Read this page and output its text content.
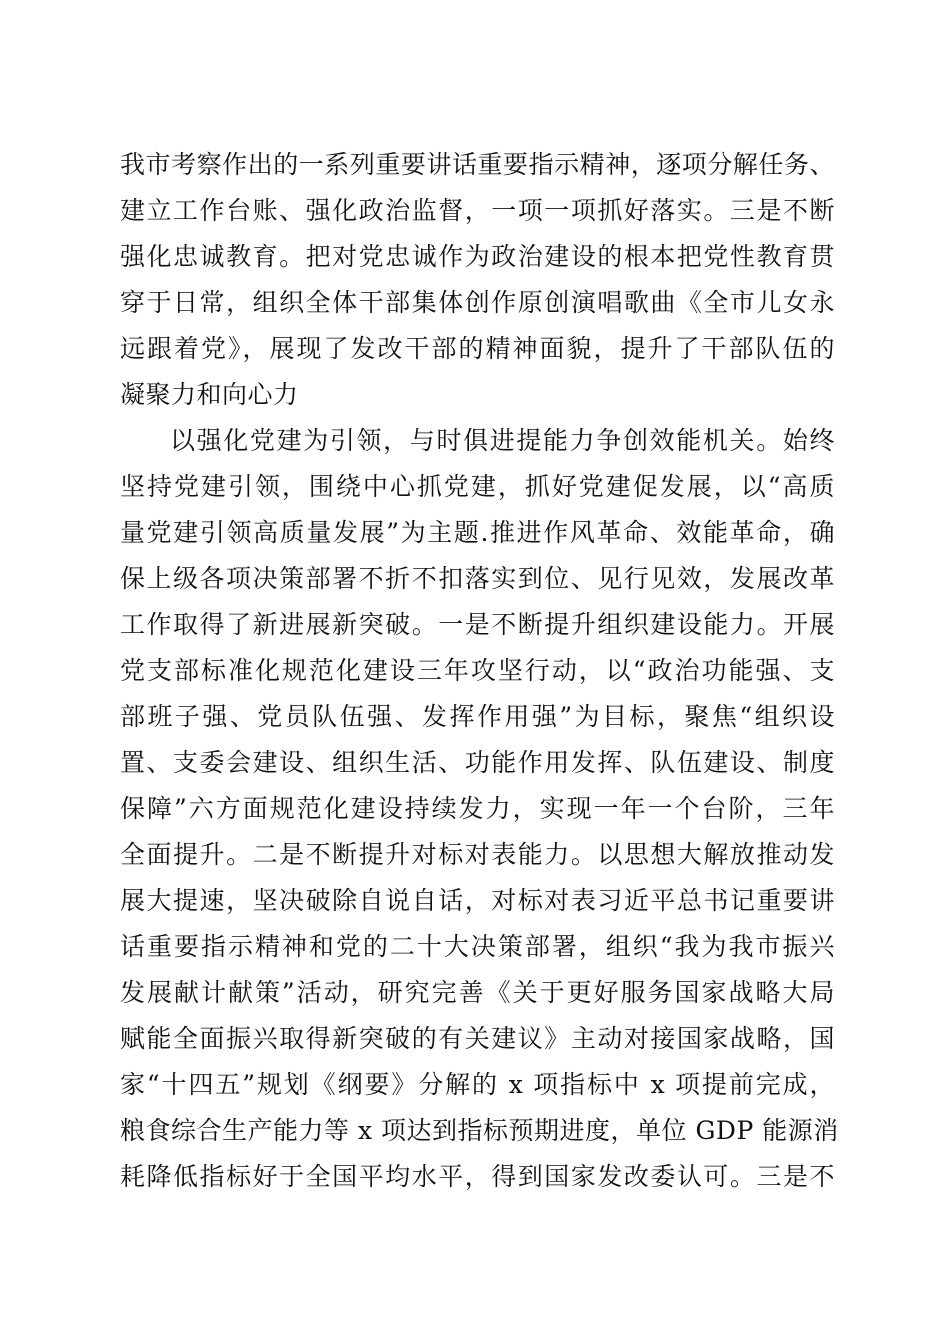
我市考察作出的一系列重要讲话重要指示精神，逐项分解任务、
建立工作台账、强化政治监督，一项一项抓好落实。三是不断
强化忠诚教育。把对党忠诚作为政治建设的根本把党性教育贯
穿于日常，组织全体干部集体创作原创演唱歌曲《全市儿女永
远跟着党》，展现了发改干部的精神面貌，提升了干部队伍的
凝聚力和向心力
以强化党建为引领，与时俱进提能力争创效能机关。始终
坚持党建引领，围绕中心抓党建，抓好党建促发展，以“高质
量党建引领高质量发展”为主题.推进作风革命、效能革命，确
保上级各项决策部署不折不扣落实到位、见行见效，发展改革
工作取得了新进展新突破。一是不断提升组织建设能力。开展
党支部标准化规范化建设三年攻坚行动，以“政治功能强、支
部班子强、党员队伍强、发挥作用强”为目标，聚焦“组织设
置、支委会建设、组织生活、功能作用发挥、队伍建设、制度
保障”六方面规范化建设持续发力，实现一年一个台阶，三年
全面提升。二是不断提升对标对表能力。以思想大解放推动发
展大提速，坚决破除自说自话，对标对表习近平总书记重要讲
话重要指示精神和党的二十大决策部署，组织“我为我市振兴
发展献计献策”活动，研究完善《关于更好服务国家战略大局
赋能全面振兴取得新突破的有关建议》主动对接国家战略，国
家“十四五”规划《纲要》分解的 x 项指标中 x 项提前完成，
粮食综合生产能力等 x 项达到指标预期进度，单位 GDP 能源消
耗降低指标好于全国平均水平，得到国家发改委认可。三是不
